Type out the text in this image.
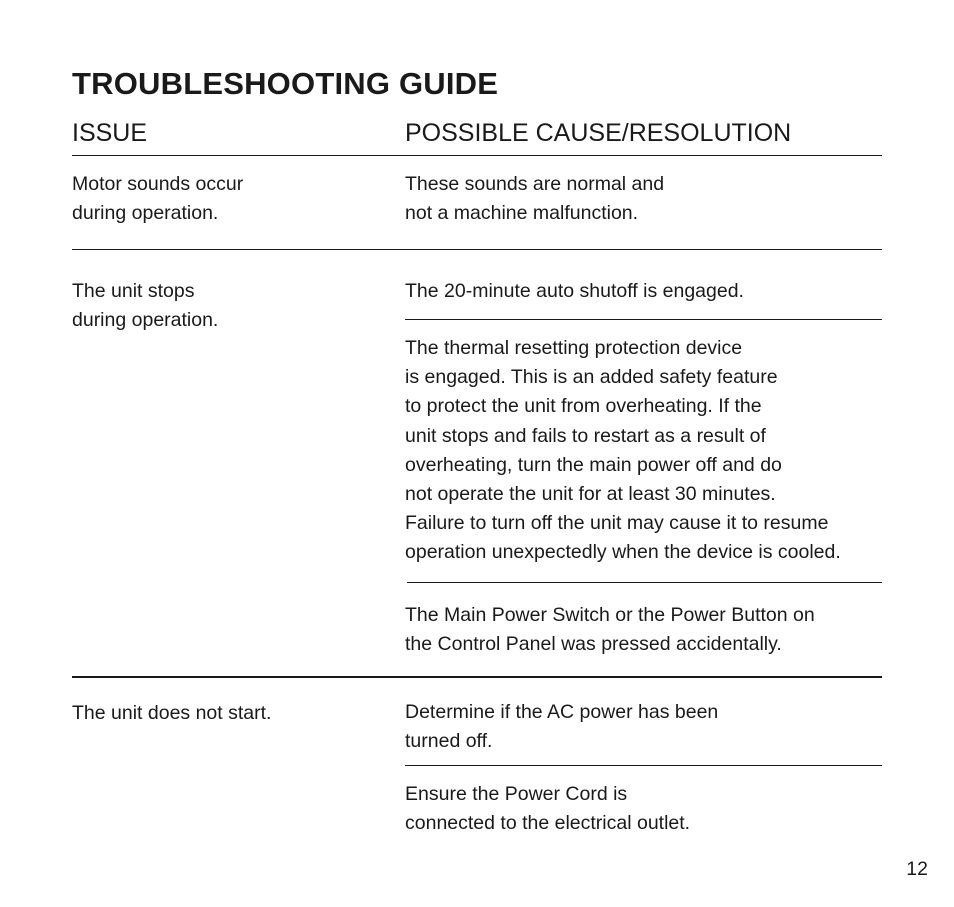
TROUBLESHOOTING GUIDE
ISSUE	POSSIBLE CAUSE/RESOLUTION
Motor sounds occur
during operation.
These sounds are normal and
not a machine malfunction.
The unit stops
during operation.
The 20-minute auto shutoff is engaged.
The thermal resetting protection device
is engaged. This is an added safety feature
to protect the unit from overheating. If the
unit stops and fails to restart as a result of
overheating, turn the main power off and do
not operate the unit for at least 30 minutes.
Failure to turn off the unit may cause it to resume
operation unexpectedly when the device is cooled.
The Main Power Switch or the Power Button on
the Control Panel was pressed accidentally.
The unit does not start.	Determine if the AC power has been
turned off.
Ensure the Power Cord is
connected to the electrical outlet.
12
